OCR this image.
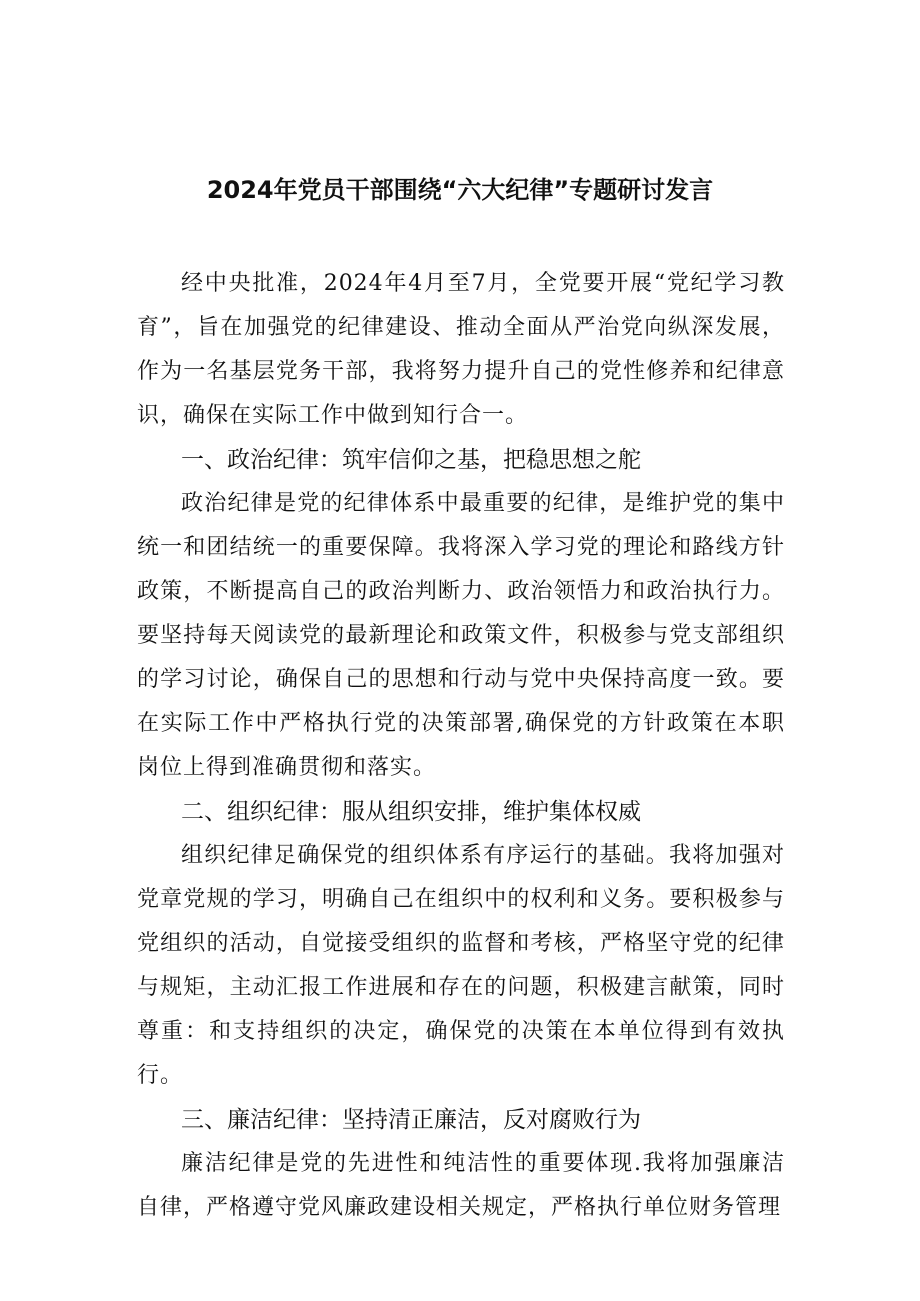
2024年党员干部围绕“六大纪律”专题研讨发言

经中央批准，2024年4月至7月，全党要开展“党纪学习教育”，旨在加强党的纪律建设、推动全面从严治党向纵深发展，作为一名基层党务干部，我将努力提升自己的党性修养和纪律意识，确保在实际工作中做到知行合一。

一、政治纪律：筑牢信仰之基，把稳思想之舵

政治纪律是党的纪律体系中最重要的纪律，是维护党的集中统一和团结统一的重要保障。我将深入学习党的理论和路线方针政策，不断提高自己的政治判断力、政治领悟力和政治执行力。要坚持每天阅读党的最新理论和政策文件，积极参与党支部组织的学习讨论，确保自己的思想和行动与党中央保持高度一致。要在实际工作中严格执行党的决策部署,确保党的方针政策在本职岗位上得到准确贯彻和落实。

二、组织纪律：服从组织安排，维护集体权威

组织纪律足确保党的组织体系有序运行的基础。我将加强对党章党规的学习，明确自己在组织中的权利和义务。要积极参与党组织的活动，自觉接受组织的监督和考核，严格坚守党的纪律与规矩，主动汇报工作进展和存在的问题，积极建言献策，同时尊重：和支持组织的决定，确保党的决策在本单位得到有效执行。

三、廉洁纪律：坚持清正廉洁，反对腐败行为

廉洁纪律是党的先进性和纯洁性的重要体现.我将加强廉洁自律，严格遵守党风廉政建设相关规定，严格执行单位财务管理
